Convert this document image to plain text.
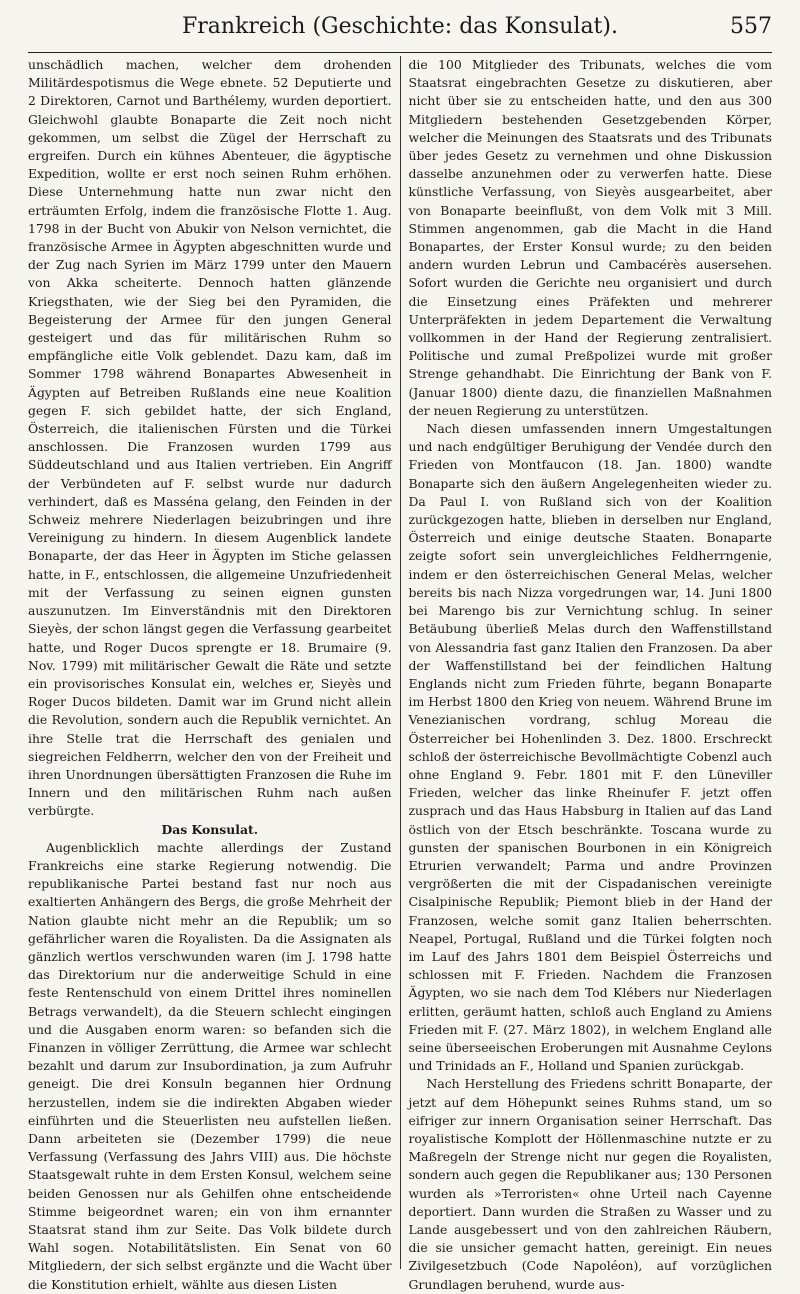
Frankreich (Geschichte: das Konsulat).	557

unschädlich machen, welcher dem drohenden Militärdespotismus die Wege ebnete. 52 Deputierte und 2 Direktoren, Carnot und Barthélemy, wurden deportiert. Gleichwohl glaubte Bonaparte die Zeit noch nicht gekommen, um selbst die Zügel der Herrschaft zu ergreifen. Durch ein kühnes Abenteuer, die ägyptische Expedition, wollte er erst noch seinen Ruhm erhöhen. Diese Unternehmung hatte nun zwar nicht den erträumten Erfolg, indem die französische Flotte 1. Aug. 1798 in der Bucht von Abukir von Nelson vernichtet, die französische Armee in Ägypten abgeschnitten wurde und der Zug nach Syrien im März 1799 unter den Mauern von Akka scheiterte. Dennoch hatten glänzende Kriegsthaten, wie der Sieg bei den Pyramiden, die Begeisterung der Armee für den jungen General gesteigert und das für militärischen Ruhm so empfängliche eitle Volk geblendet. Dazu kam, daß im Sommer 1798 während Bonapartes Abwesenheit in Ägypten auf Betreiben Rußlands eine neue Koalition gegen F. sich gebildet hatte, der sich England, Österreich, die italienischen Fürsten und die Türkei anschlossen. Die Franzosen wurden 1799 aus Süddeutschland und aus Italien vertrieben. Ein Angriff der Verbündeten auf F. selbst wurde nur dadurch verhindert, daß es Masséna gelang, den Feinden in der Schweiz mehrere Niederlagen beizubringen und ihre Vereinigung zu hindern. In diesem Augenblick landete Bonaparte, der das Heer in Ägypten im Stiche gelassen hatte, in F., entschlossen, die allgemeine Unzufriedenheit mit der Verfassung zu seinen eignen gunsten auszunutzen. Im Einverständnis mit den Direktoren Sieyès, der schon längst gegen die Verfassung gearbeitet hatte, und Roger Ducos sprengte er 18. Brumaire (9. Nov. 1799) mit militärischer Gewalt die Räte und setzte ein provisorisches Konsulat ein, welches er, Sieyès und Roger Ducos bildeten. Damit war im Grund nicht allein die Revolution, sondern auch die Republik vernichtet. An ihre Stelle trat die Herrschaft des genialen und siegreichen Feldherrn, welcher den von der Freiheit und ihren Unordnungen übersättigten Franzosen die Ruhe im Innern und den militärischen Ruhm nach außen verbürgte.

Das Konsulat.

Augenblicklich machte allerdings der Zustand Frankreichs eine starke Regierung notwendig. Die republikanische Partei bestand fast nur noch aus exaltierten Anhängern des Bergs, die große Mehrheit der Nation glaubte nicht mehr an die Republik; um so gefährlicher waren die Royalisten. Da die Assignaten als gänzlich wertlos verschwunden waren (im J. 1798 hatte das Direktorium nur die anderweitige Schuld in eine feste Rentenschuld von einem Drittel ihres nominellen Betrags verwandelt), da die Steuern schlecht eingingen und die Ausgaben enorm waren: so befanden sich die Finanzen in völliger Zerrüttung, die Armee war schlecht bezahlt und darum zur Insubordination, ja zum Aufruhr geneigt. Die drei Konsuln begannen hier Ordnung herzustellen, indem sie die indirekten Abgaben wieder einführten und die Steuerlisten neu aufstellen ließen. Dann arbeiteten sie (Dezember 1799) die neue Verfassung (Verfassung des Jahrs VIII) aus. Die höchste Staatsgewalt ruhte in dem Ersten Konsul, welchem seine beiden Genossen nur als Gehilfen ohne entscheidende Stimme beigeordnet waren; ein von ihm ernannter Staatsrat stand ihm zur Seite. Das Volk bildete durch Wahl sogen. Notabilitätslisten. Ein Senat von 60 Mitgliedern, der sich selbst ergänzte und die Wacht über die Konstitution erhielt, wählte aus diesen Listen

die 100 Mitglieder des Tribunats, welches die vom Staatsrat eingebrachten Gesetze zu diskutieren, aber nicht über sie zu entscheiden hatte, und den aus 300 Mitgliedern bestehenden Gesetzgebenden Körper, welcher die Meinungen des Staatsrats und des Tribunats über jedes Gesetz zu vernehmen und ohne Diskussion dasselbe anzunehmen oder zu verwerfen hatte. Diese künstliche Verfassung, von Sieyès ausgearbeitet, aber von Bonaparte beeinflußt, von dem Volk mit 3 Mill. Stimmen angenommen, gab die Macht in die Hand Bonapartes, der Erster Konsul wurde; zu den beiden andern wurden Lebrun und Cambacérès ausersehen. Sofort wurden die Gerichte neu organisiert und durch die Einsetzung eines Präfekten und mehrerer Unterpräfekten in jedem Departement die Verwaltung vollkommen in der Hand der Regierung zentralisiert. Politische und zumal Preßpolizei wurde mit großer Strenge gehandhabt. Die Einrichtung der Bank von F. (Januar 1800) diente dazu, die finanziellen Maßnahmen der neuen Regierung zu unterstützen.

Nach diesen umfassenden innern Umgestaltungen und nach endgültiger Beruhigung der Vendée durch den Frieden von Montfaucon (18. Jan. 1800) wandte Bonaparte sich den äußern Angelegenheiten wieder zu. Da Paul I. von Rußland sich von der Koalition zurückgezogen hatte, blieben in derselben nur England, Österreich und einige deutsche Staaten. Bonaparte zeigte sofort sein unvergleichliches Feldherrngenie, indem er den österreichischen General Melas, welcher bereits bis nach Nizza vorgedrungen war, 14. Juni 1800 bei Marengo bis zur Vernichtung schlug. In seiner Betäubung überließ Melas durch den Waffenstillstand von Alessandria fast ganz Italien den Franzosen. Da aber der Waffenstillstand bei der feindlichen Haltung Englands nicht zum Frieden führte, begann Bonaparte im Herbst 1800 den Krieg von neuem. Während Brune im Venezianischen vordrang, schlug Moreau die Österreicher bei Hohenlinden 3. Dez. 1800. Erschreckt schloß der österreichische Bevollmächtigte Cobenzl auch ohne England 9. Febr. 1801 mit F. den Lüneviller Frieden, welcher das linke Rheinufer F. jetzt offen zusprach und das Haus Habsburg in Italien auf das Land östlich von der Etsch beschränkte. Toscana wurde zu gunsten der spanischen Bourbonen in ein Königreich Etrurien verwandelt; Parma und andre Provinzen vergrößerten die mit der Cispadanischen vereinigte Cisalpinische Republik; Piemont blieb in der Hand der Franzosen, welche somit ganz Italien beherrschten. Neapel, Portugal, Rußland und die Türkei folgten noch im Lauf des Jahrs 1801 dem Beispiel Österreichs und schlossen mit F. Frieden. Nachdem die Franzosen Ägypten, wo sie nach dem Tod Klébers nur Niederlagen erlitten, geräumt hatten, schloß auch England zu Amiens Frieden mit F. (27. März 1802), in welchem England alle seine überseeischen Eroberungen mit Ausnahme Ceylons und Trinidads an F., Holland und Spanien zurückgab.

Nach Herstellung des Friedens schritt Bonaparte, der jetzt auf dem Höhepunkt seines Ruhms stand, um so eifriger zur innern Organisation seiner Herrschaft. Das royalistische Komplott der Höllenmaschine nutzte er zu Maßregeln der Strenge nicht nur gegen die Royalisten, sondern auch gegen die Republikaner aus; 130 Personen wurden als »Terroristen« ohne Urteil nach Cayenne deportiert. Dann wurden die Straßen zu Wasser und zu Lande ausgebessert und von den zahlreichen Räubern, die sie unsicher gemacht hatten, gereinigt. Ein neues Zivilgesetzbuch (Code Napoléon), auf vorzüglichen Grundlagen beruhend, wurde aus-
